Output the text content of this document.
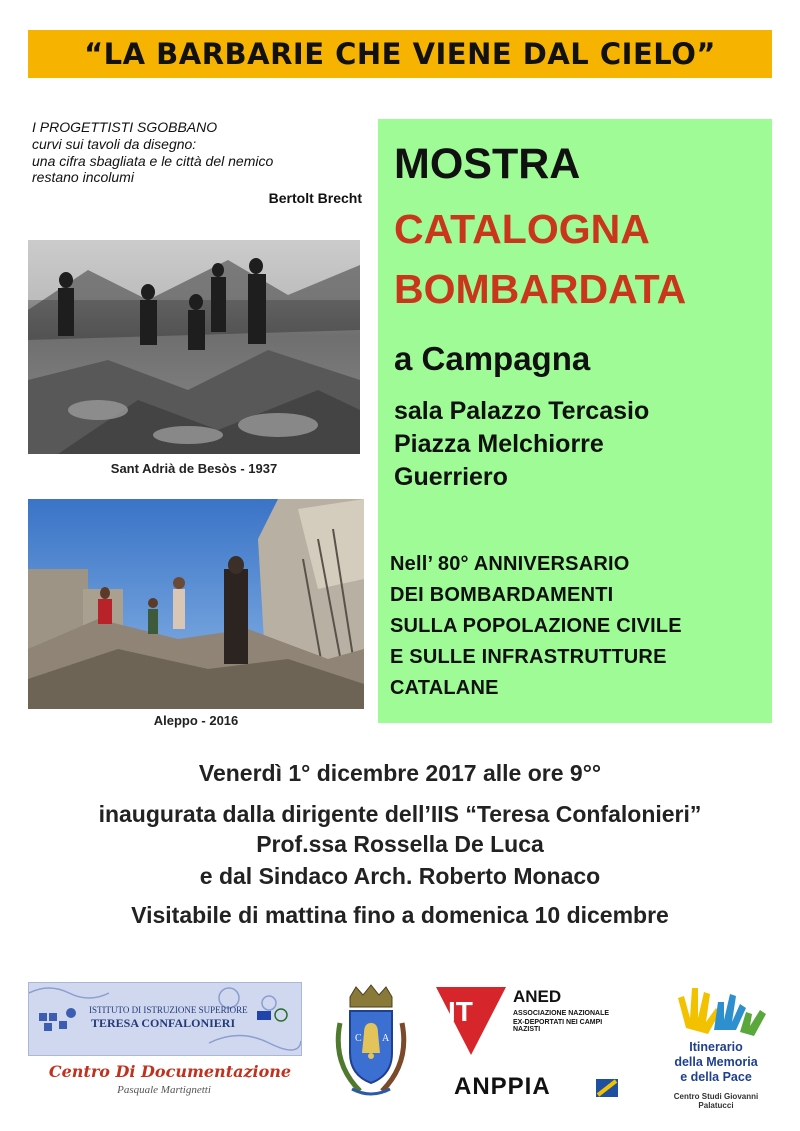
“LA BARBARIE CHE VIENE DAL CIELO”
I PROGETTISTI SGOBBANO
curvi sui tavoli da disegno:
una cifra sbagliata e le città del nemico
restano incolumi
Bertolt Brecht
Sant Adrià de Besòs - 1937
Aleppo - 2016
MOSTRA
CATALOGNA
BOMBARDATA
a Campagna
sala Palazzo Tercasio
Piazza Melchiorre
Guerriero
Nell’ 80° ANNIVERSARIO
DEI BOMBARDAMENTI
SULLA POPOLAZIONE CIVILE
E SULLE INFRASTRUTTURE
CATALANE
Venerdì 1° dicembre 2017 alle ore 9°°
inaugurata dalla dirigente dell’IIS “Teresa Confalonieri”
Prof.ssa Rossella De Luca
e dal Sindaco Arch. Roberto Monaco
Visitabile di mattina fino a domenica 10 dicembre
ISTITUTO DI ISTRUZIONE SUPERIORE
TERESA CONFALONIERI
Centro Di Documentazione
Pasquale Martignetti
C A
IT ANED
ASSOCIAZIONE NAZIONALE
EX-DEPORTATI NEI CAMPI NAZISTI
ANPPIA
Itinerario
della Memoria
e della Pace
Centro Studi Giovanni Palatucci
